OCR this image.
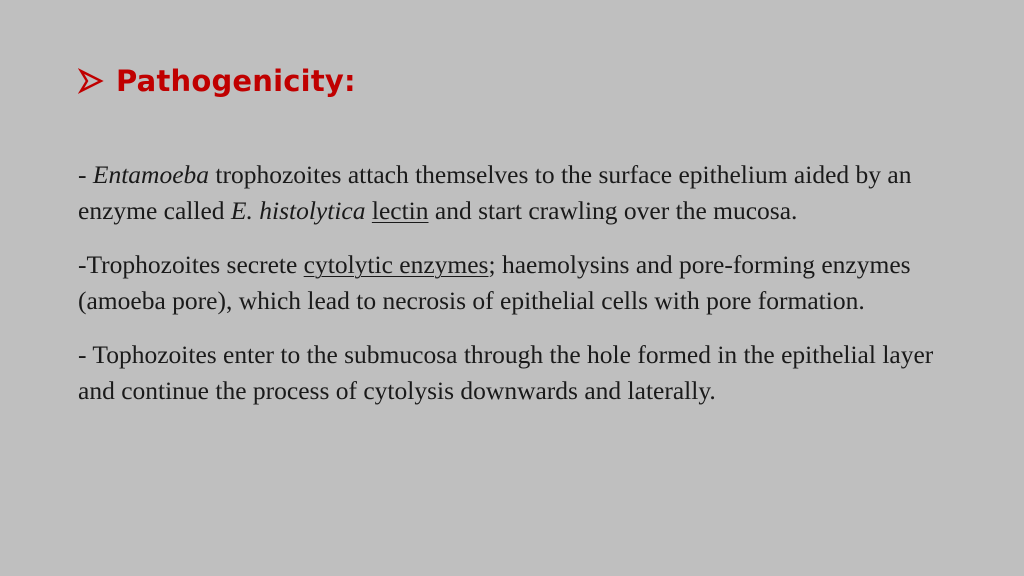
Pathogenicity:

- Entamoeba trophozoites attach themselves to the surface epithelium aided by an enzyme called E. histolytica lectin and start crawling over the mucosa.

-Trophozoites secrete cytolytic enzymes; haemolysins and pore-forming enzymes (amoeba pore), which lead to necrosis of epithelial cells with pore formation.

- Tophozoites enter to the submucosa through the hole formed in the epithelial layer and continue the process of cytolysis downwards and laterally.
